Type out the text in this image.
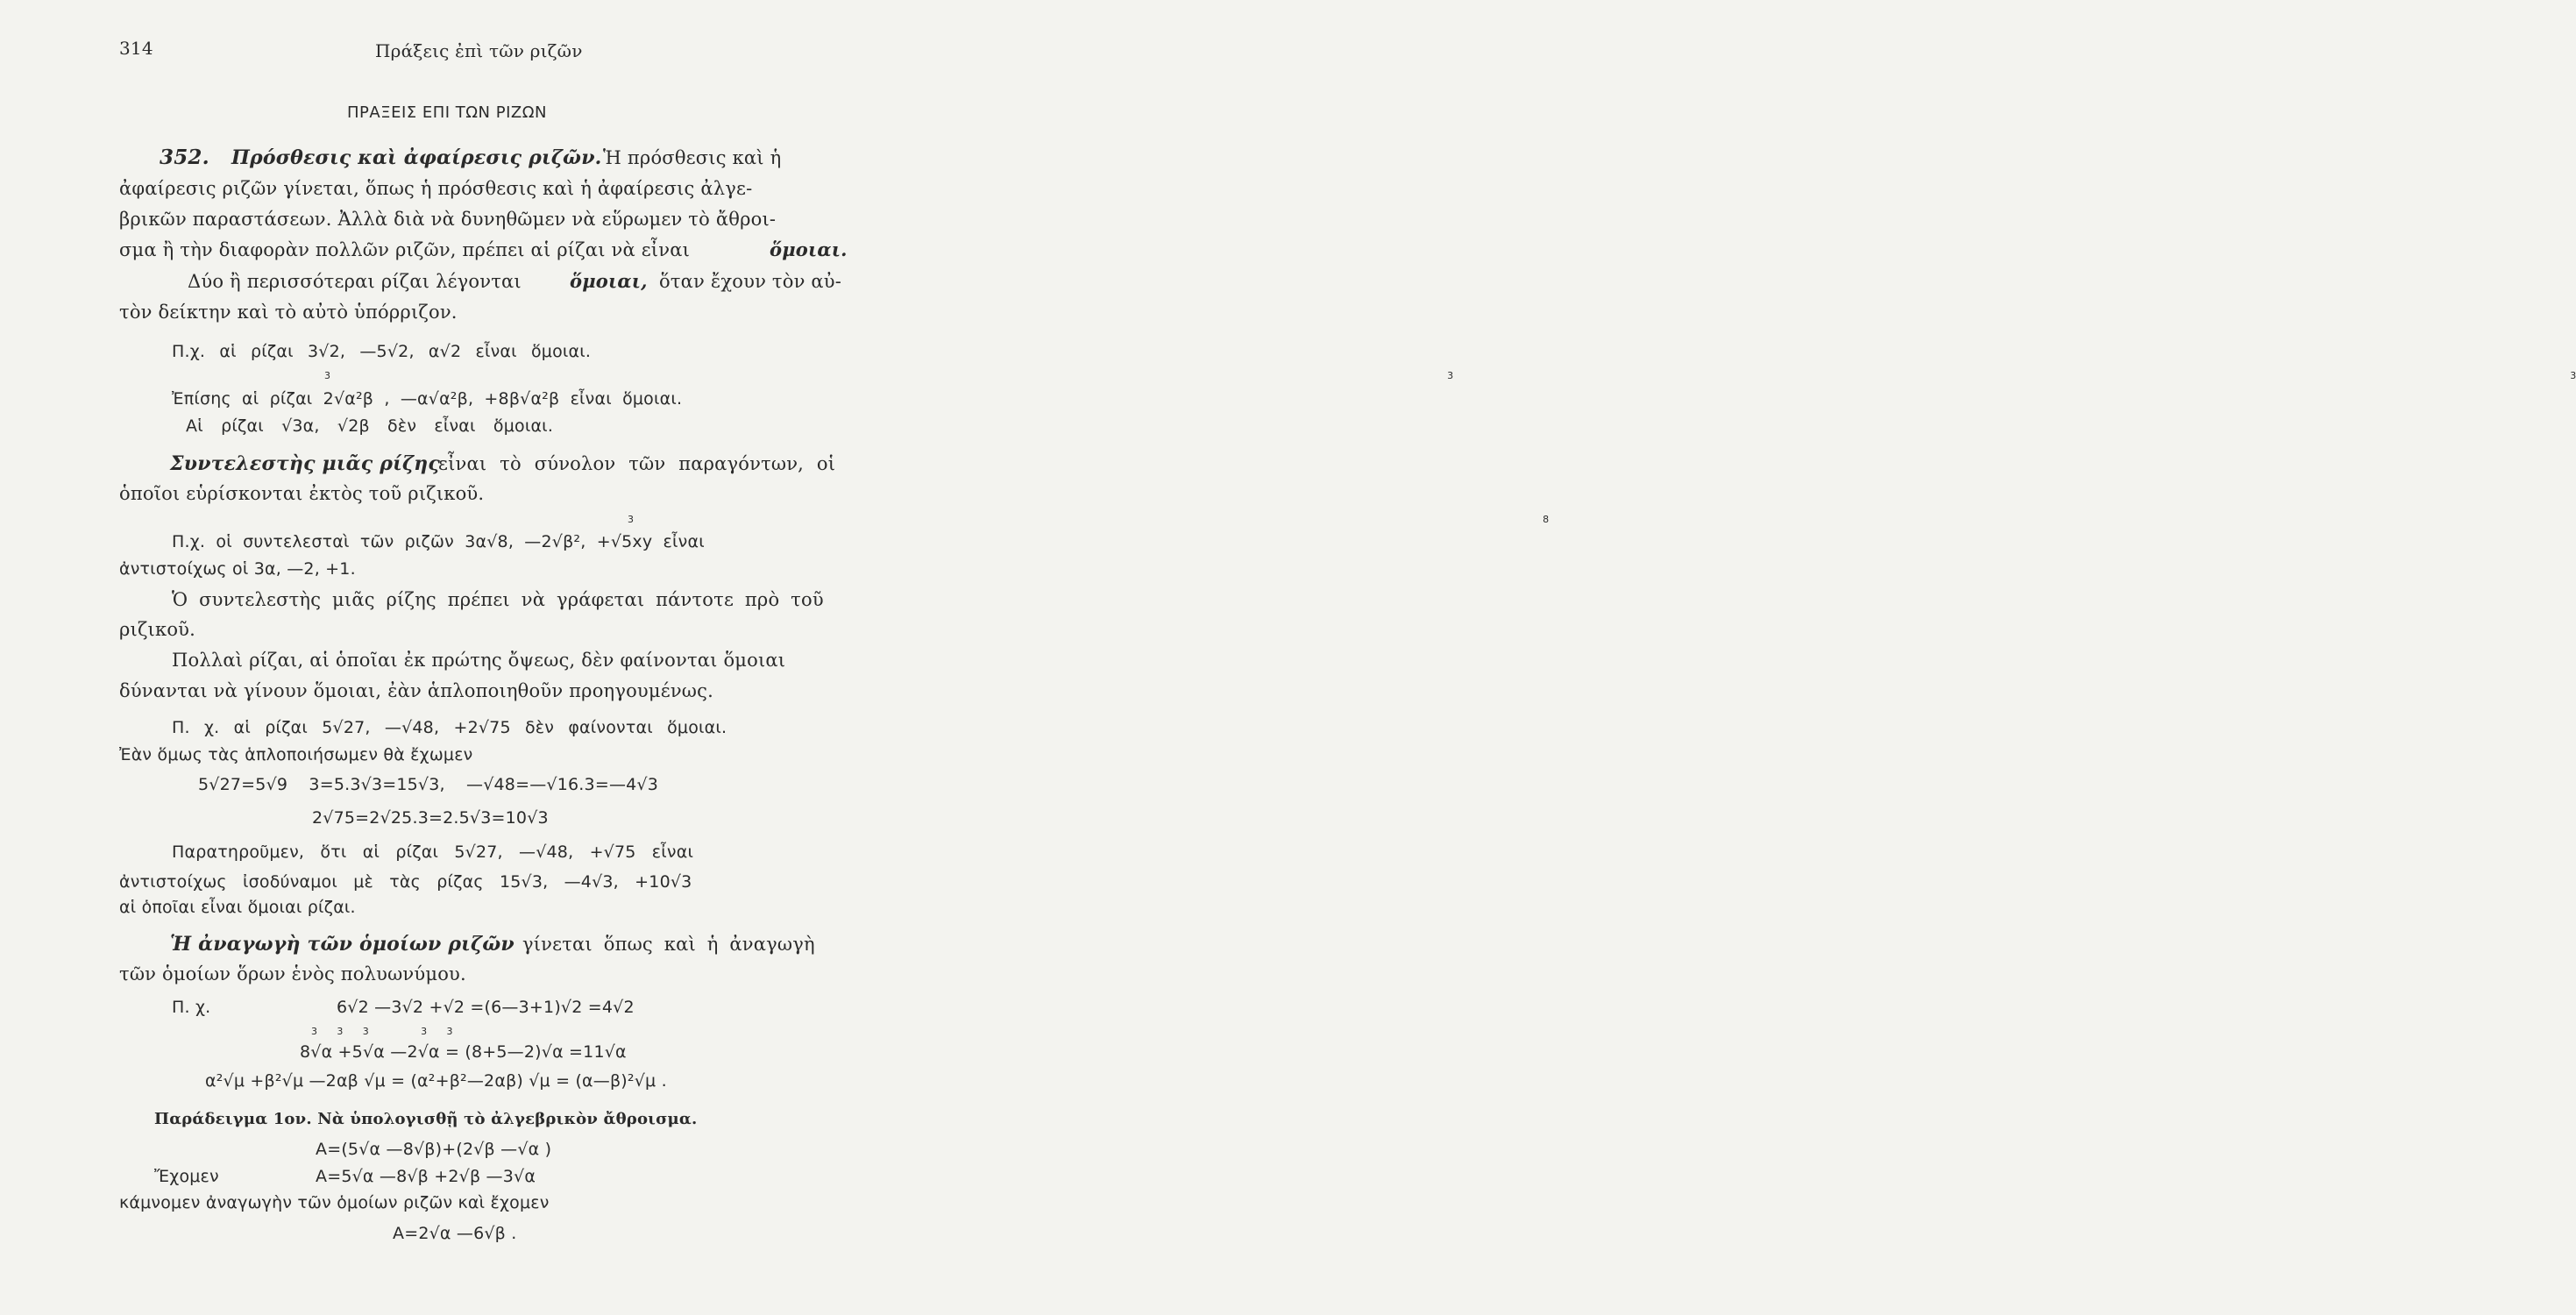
314	Πράξεις ἐπὶ τῶν ριζῶν
ΠΡΑΞΕΙΣ ΕΠΙ ΤΩΝ ΡΙΖΩΝ
352. Πρόσθεσις καὶ ἀφαίρεσις ριζῶν. Ἡ πρόσθεσις καὶ ἡ
ἀφαίρεσις ριζῶν γίνεται, ὅπως ἡ πρόσθεσις καὶ ἡ ἀφαίρεσις ἀλγε-
βρικῶν παραστάσεων. Ἀλλὰ διὰ νὰ δυνηθῶμεν νὰ εὕρωμεν τὸ ἄθροι-
σμα ἢ τὴν διαφορὰν πολλῶν ριζῶν, πρέπει αἱ ρίζαι νὰ εἶναι	ὅμοιαι.
Δύο ἢ περισσότεραι ρίζαι λέγονται	ὅμοιαι, ὅταν ἔχουν τὸν αὐ-
τὸν δείκτην καὶ τὸ αὐτὸ ὑπόρριζον.
Π.χ. αἱ ρίζαι 3√2, —5√2, α√2 εἶναι ὅμοιαι.
3                    3                    3
Ἐπίσης αἱ ρίζαι 2√α²β , —α√α²β, +8β√α²β εἶναι ὅμοιαι.
Αἱ ρίζαι √3α, √2β δὲν εἶναι ὅμοιαι.
Συντελεστὴς μιᾶς ρίζης
εἶναι τὸ σύνολον τῶν παραγόντων, οἱ
ὁποῖοι εὑρίσκονται ἐκτὸς τοῦ ριζικοῦ.
3          8
Π.χ. οἱ συντελεσταὶ τῶν ριζῶν 3α√8, —2√β², +√5xy εἶναι
ἀντιστοίχως οἱ 3α, —2, +1.
Ὁ συντελεστὴς μιᾶς ρίζης πρέπει νὰ γράφεται πάντοτε πρὸ τοῦ
ριζικοῦ.
Πολλαὶ ρίζαι, αἱ ὁποῖαι ἐκ πρώτης ὄψεως, δὲν φαίνονται ὅμοιαι
δύνανται νὰ γίνουν ὅμοιαι, ἐὰν ἁπλοποιηθοῦν προηγουμένως.
Π. χ. αἱ ρίζαι 5√27, —√48, +2√75 δὲν φαίνονται ὅμοιαι.
Ἐὰν ὅμως τὰς ἁπλοποιήσωμεν θὰ ἔχωμεν
5√27=5√9 3=5.3√3=15√3, —√48=—√16.3=—4√3
2√75=2√25.3=2.5√3=10√3
Παρατηροῦμεν, ὅτι αἱ ρίζαι 5√27, —√48, +√75 εἶναι
ἀντιστοίχως ἰσοδύναμοι μὲ τὰς ρίζας 15√3, —4√3, +10√3
αἱ ὁποῖαι εἶναι ὅμοιαι ρίζαι.
Ἡ ἀναγωγὴ τῶν ὁμοίων ριζῶν γίνεται ὅπως καὶ ἡ ἀναγωγὴ
τῶν ὁμοίων ὅρων ἑνὸς πολυωνύμου.
Π. χ.	6√2 —3√2 +√2 =(6—3+1)√2 =4√2
3      3      3                3      3
8√α +5√α —2√α = (8+5—2)√α =11√α
α²√μ +β²√μ —2αβ √μ = (α²+β²—2αβ) √μ = (α—β)²√μ .
Παράδειγμα 1ον. Νὰ ὑπολογισθῇ τὸ ἀλγεβρικὸν ἄθροισμα.
A=(5√α —8√β)+(2√β —√α )
Ἔχομεν	A=5√α —8√β +2√β —3√α
κάμνομεν ἀναγωγὴν τῶν ὁμοίων ριζῶν καὶ ἔχομεν
A=2√α —6√β .
